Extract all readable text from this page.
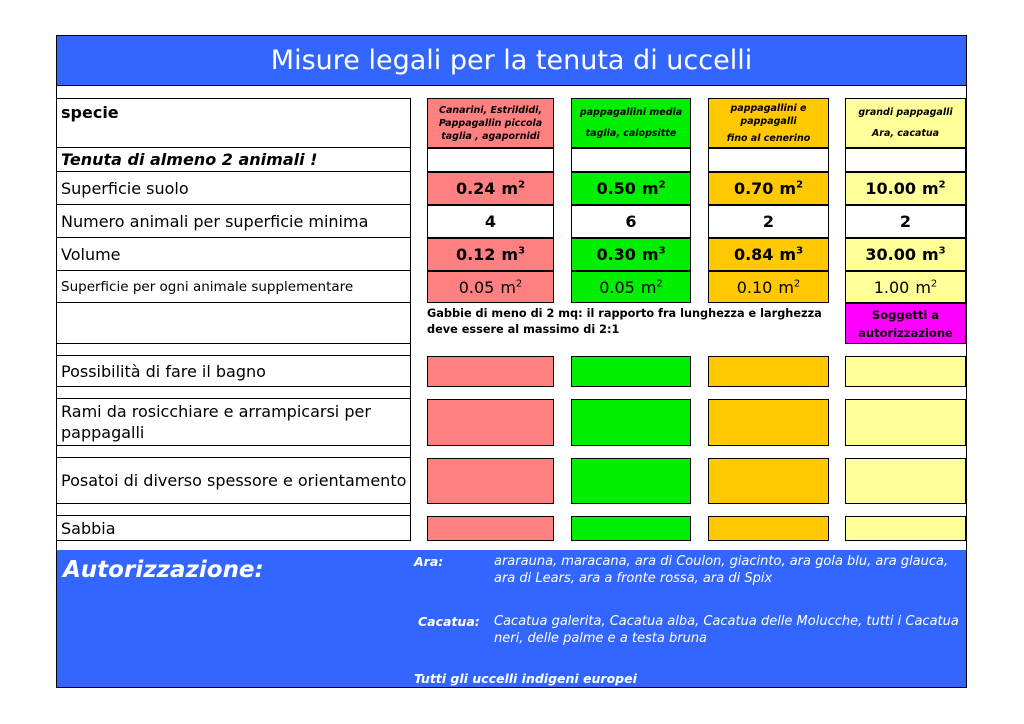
Misure legali per la tenuta di uccelli
specie
Tenuta di almeno 2 animali !
Superficie suolo
Numero animali per superficie minima
Volume
Superficie per ogni animale supplementare
Possibilità di fare il bagno
Rami da rosicchiare e arrampicarsi per pappagalli
Posatoi di diverso spessore e orientamento
Sabbia
Canarini, Estrildidi,
Pappagallin piccola
taglia , agapornidi
0.24 $m^2$
4
0.12 $m^3$
0.05 $m^2$
pappagallini media
taglia, calopsitte
0.50 $m^2$
6
0.30 $m^3$
0.05 $m^2$
pappagallini e
pappagalli
fino al cenerino
0.70 $m^2$
2
0.84 $m^3$
0.10 $m^2$
grandi pappagalli
Ara, cacatua
10.00 $m^2$
2
30.00 $m^3$
1.00 $m^2$
Soggetti a
autorizzazione
Gabbie di meno di 2 mq: il rapporto fra lunghezza e larghezza deve essere al massimo di 2:1
Autorizzazione:	Ara:	ararauna, maracana, ara di Coulon, giacinto, ara gola blu, ara glauca, ara di Lears, ara a fronte rossa, ara di Spix
Cacatua: Cacatua galerita, Cacatua alba, Cacatua delle Molucche, tutti i Cacatua neri, delle palme e a testa bruna
Tutti gli uccelli indigeni europei
